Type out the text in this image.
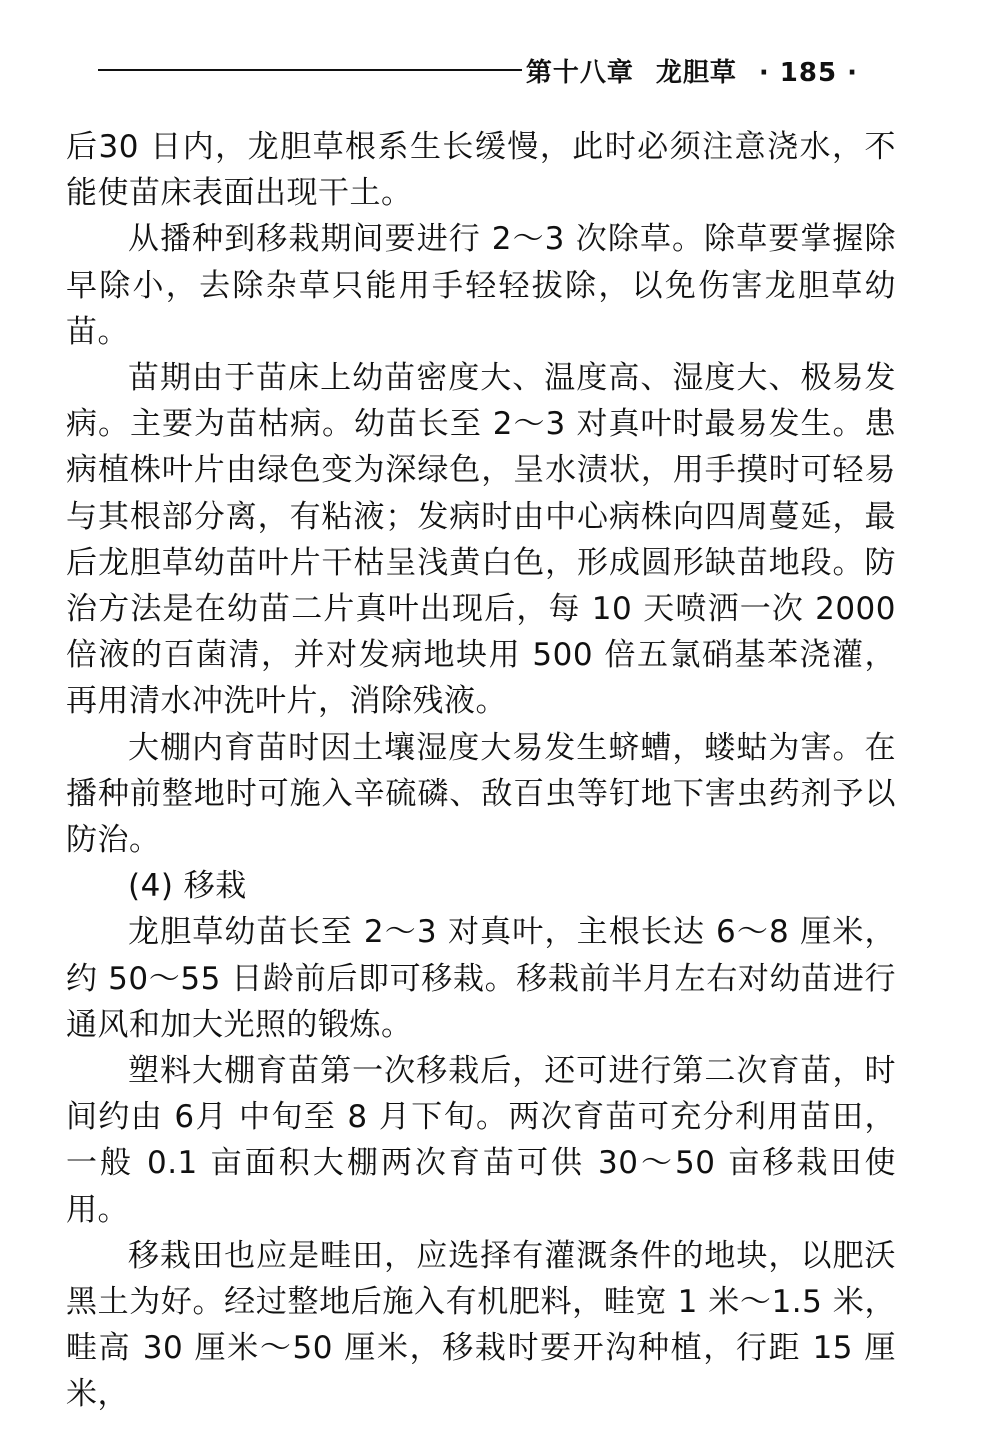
第十八章 龙胆草 · 185 ·

后30 日内，龙胆草根系生长缓慢，此时必须注意浇水，不能使苗床表面出现干土。

从播种到移栽期间要进行 2～3 次除草。除草要掌握除早除小，去除杂草只能用手轻轻拔除，以免伤害龙胆草幼苗。

苗期由于苗床上幼苗密度大、温度高、湿度大、极易发病。主要为苗枯病。幼苗长至 2～3 对真叶时最易发生。患病植株叶片由绿色变为深绿色，呈水渍状，用手摸时可轻易与其根部分离，有粘液；发病时由中心病株向四周蔓延，最后龙胆草幼苗叶片干枯呈浅黄白色，形成圆形缺苗地段。防治方法是在幼苗二片真叶出现后，每 10 天喷洒一次 2000 倍液的百菌清，并对发病地块用 500 倍五氯硝基苯浇灌，再用清水冲洗叶片，消除残液。

大棚内育苗时因土壤湿度大易发生蛴螬，蝼蛄为害。在播种前整地时可施入辛硫磷、敌百虫等钉地下害虫药剂予以防治。

(4) 移栽

龙胆草幼苗长至 2～3 对真叶，主根长达 6～8 厘米，约 50～55 日龄前后即可移栽。移栽前半月左右对幼苗进行通风和加大光照的锻炼。

塑料大棚育苗第一次移栽后，还可进行第二次育苗，时间约由 6月 中旬至 8 月下旬。两次育苗可充分利用苗田，一般 0.1 亩面积大棚两次育苗可供 30～50 亩移栽田使用。

移栽田也应是畦田，应选择有灌溉条件的地块，以肥沃黑土为好。经过整地后施入有机肥料，畦宽 1 米～1.5 米，畦高 30 厘米～50 厘米，移栽时要开沟种植，行距 15 厘米，
